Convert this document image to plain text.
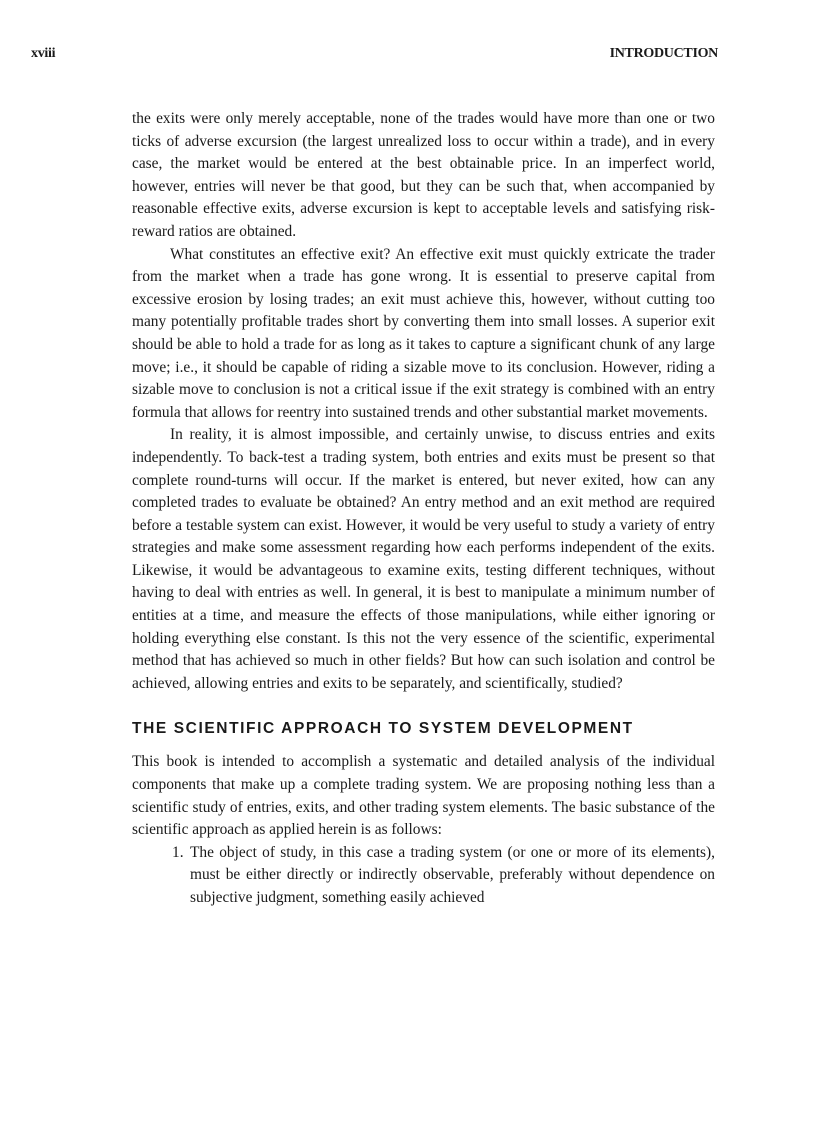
xviii	INTRODUCTION

the exits were only merely acceptable, none of the trades would have more than one or two ticks of adverse excursion (the largest unrealized loss to occur within a trade), and in every case, the market would be entered at the best obtainable price. In an imperfect world, however, entries will never be that good, but they can be such that, when accompanied by reasonable effective exits, adverse excursion is kept to acceptable levels and satisfying risk-reward ratios are obtained.

What constitutes an effective exit? An effective exit must quickly extricate the trader from the market when a trade has gone wrong. It is essential to preserve capital from excessive erosion by losing trades; an exit must achieve this, however, without cutting too many potentially profitable trades short by converting them into small losses. A superior exit should be able to hold a trade for as long as it takes to capture a significant chunk of any large move; i.e., it should be capable of riding a sizable move to its conclusion. However, riding a sizable move to conclusion is not a critical issue if the exit strategy is combined with an entry formula that allows for reentry into sustained trends and other substantial market movements.

In reality, it is almost impossible, and certainly unwise, to discuss entries and exits independently. To back-test a trading system, both entries and exits must be present so that complete round-turns will occur. If the market is entered, but never exited, how can any completed trades to evaluate be obtained? An entry method and an exit method are required before a testable system can exist. However, it would be very useful to study a variety of entry strategies and make some assessment regarding how each performs independent of the exits. Likewise, it would be advantageous to examine exits, testing different techniques, without having to deal with entries as well. In general, it is best to manipulate a minimum number of entities at a time, and measure the effects of those manipulations, while either ignoring or holding everything else constant. Is this not the very essence of the scientific, experimental method that has achieved so much in other fields? But how can such isolation and control be achieved, allowing entries and exits to be separately, and scientifically, studied?

THE SCIENTIFIC APPROACH TO SYSTEM DEVELOPMENT

This book is intended to accomplish a systematic and detailed analysis of the individual components that make up a complete trading system. We are proposing nothing less than a scientific study of entries, exits, and other trading system elements. The basic substance of the scientific approach as applied herein is as follows:

1. The object of study, in this case a trading system (or one or more of its elements), must be either directly or indirectly observable, preferably without dependence on subjective judgment, something easily achieved
